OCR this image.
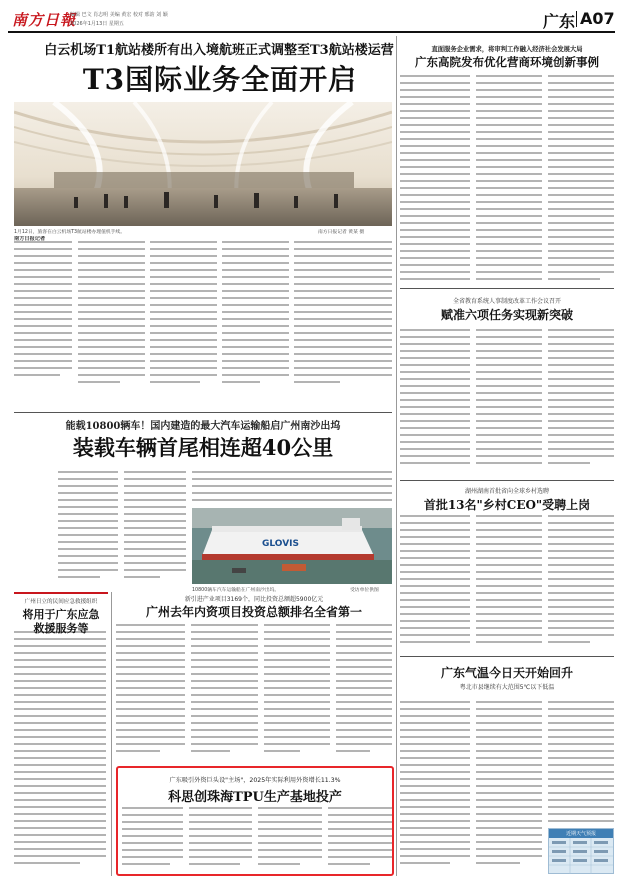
南方日報
编辑 巴文 肖志明 美编 黄宏 校对 邢韵 刘 颖
2026年1月13日 星期五	广东 A07
白云机场T1航站楼所有出入境航班正式调整至T3航站楼运营
T3国际业务全面开启
1月12日，旅客在白云机场T3航站楼办理值机手续。	南方日报记者 黄某 摄
南方日报记者
直面服务企业需求，将审判工作融入经济社会发展大局
广东高院发布优化营商环境创新事例
全省教育系统人事制度改革工作会议召开
赋准六项任务实现新突破
能载10800辆车！国内建造的最大汽车运输船启广州南沙出坞
装载车辆首尾相连超40公里
GLOVIS
10800辆车汽车运输船在广州南沙出坞。	受访单位供图
广州日立的民间应急救援组织
将用于广东应急
救援服务等
新引进产业项目3169个，同比投资总额超5900亿元
广州去年内资项目投资总额排名全省第一
广东吸引外资巨头设"主场"，2025年实际利用外资增长11.3%
科思创珠海TPU生产基地投产
湖州湖南首批省向全球乡村选聘
首批13名"乡村CEO"受聘上岗
广东气温今日天开始回升
粤北市县继续有大范围5℃以下低温
近期天气预报
